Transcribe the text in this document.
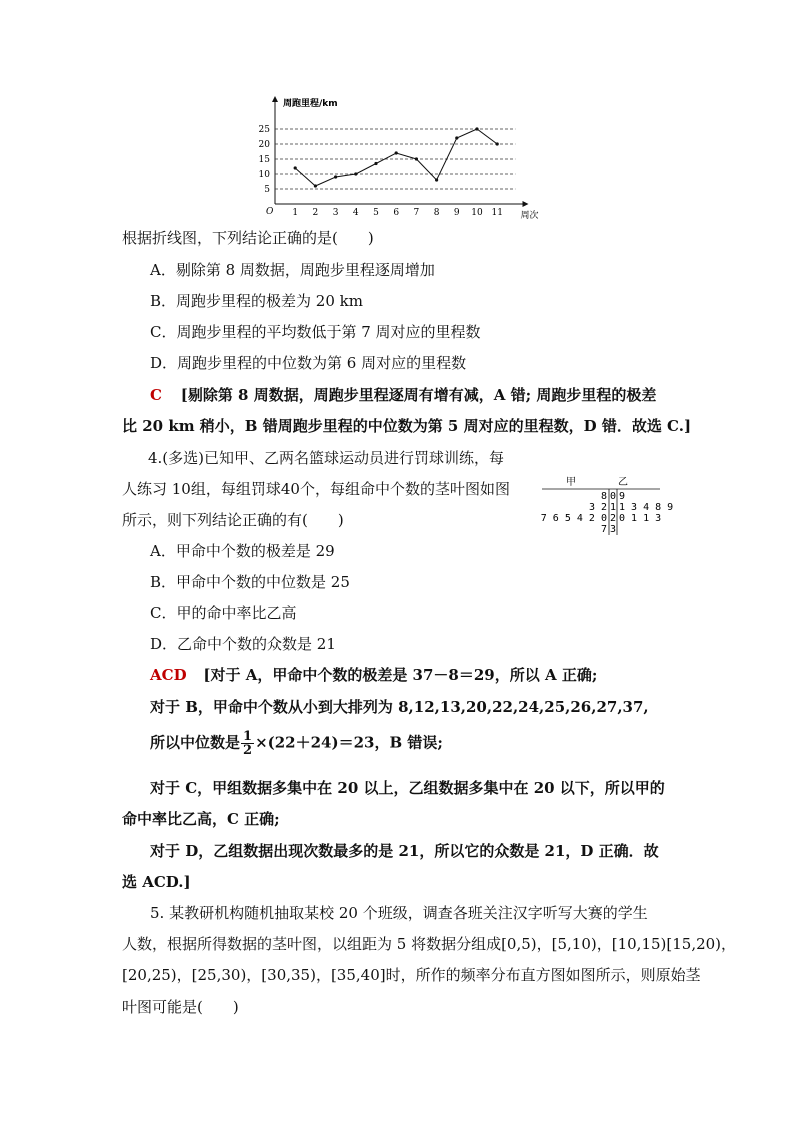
周跑里程/km
O
5
10
15
20
25
1 2 3 4 5 6 7 8 9 10 11 周次
根据折线图，下列结论正确的是(　　)
A．剔除第 8 周数据，周跑步里程逐周增加
B．周跑步里程的极差为 20 km
C．周跑步里程的平均数低于第 7 周对应的里程数
D．周跑步里程的中位数为第 6 周对应的里程数
C [剔除第 8 周数据，周跑步里程逐周有增有减，A 错; 周跑步里程的极差
比 20 km 稍小，B 错周跑步里程的中位数为第 5 周对应的里程数，D 错．故选 C.]
4.(多选)已知甲、乙两名篮球运动员进行罚球训练，每
人练习 10组，每组罚球40个，每组命中个数的茎叶图如图
所示，则下列结论正确的有(　　)
甲	乙
8 0 9
3 2 1 1 3 4 8 9
7 6 5 4 2 0 2 0 1 1 3
7 3
A．甲命中个数的极差是 29
B．甲命中个数的中位数是 25
C．甲的命中率比乙高
D．乙命中个数的众数是 21
ACD [对于 A，甲命中个数的极差是 37－8＝29，所以 A 正确;
对于 B，甲命中个数从小到大排列为 8,12,13,20,22,24,25,26,27,37,
所以中位数是 $\frac{1}{2} \times(22+24)=23$，B 错误;
对于 C，甲组数据多集中在 20 以上，乙组数据多集中在 20 以下，所以甲的
命中率比乙高，C 正确;
对于 D，乙组数据出现次数最多的是 21，所以它的众数是 21，D 正确．故
选 ACD.]
5. 某教研机构随机抽取某校 20 个班级，调查各班关注汉字听写大赛的学生
人数，根据所得数据的茎叶图，以组距为 5 将数据分组成[0,5)，[5,10)，[10,15)[15,20)，
[20,25)，[25,30)，[30,35)，[35,40]时，所作的频率分布直方图如图所示，则原始茎
叶图可能是(　　)
